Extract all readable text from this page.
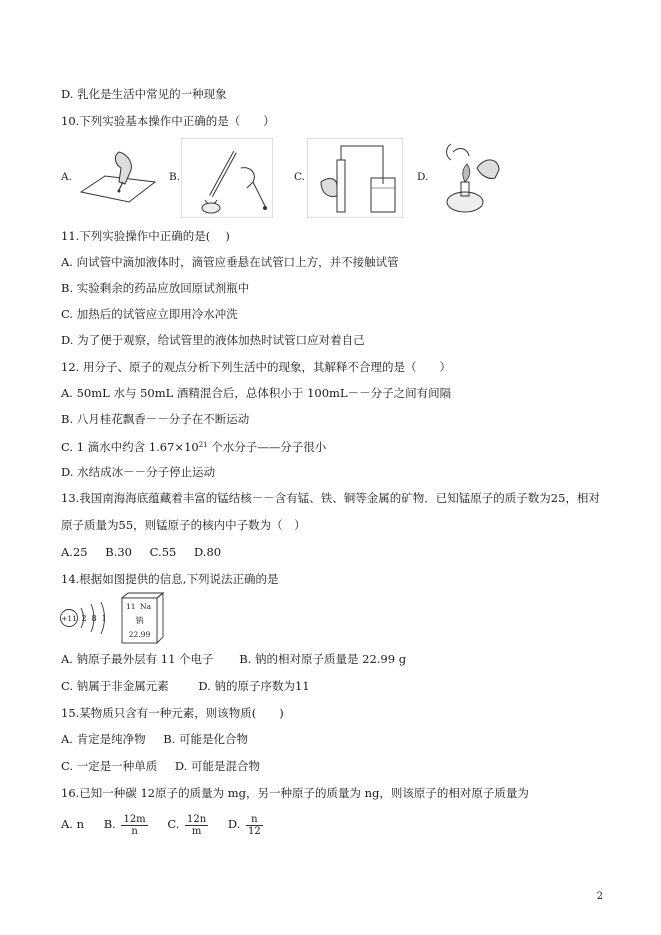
D. 乳化是生活中常见的一种现象
10.下列实验基本操作中正确的是（　　）
A.	B.	C.	D.
11.下列实验操作中正确的是(　 )
A. 向试管中滴加液体时，滴管应垂悬在试管口上方，并不接触试管
B. 实验剩余的药品应放回原试剂瓶中
C. 加热后的试管应立即用冷水冲洗
D. 为了便于观察，给试管里的液体加热时试管口应对着自己
12. 用分子、原子的观点分析下列生活中的现象，其解释不合理的是（　　）
A. 50mL 水与 50mL 酒精混合后，总体积小于 100mL－－分子之间有间隔
B. 八月桂花飘香－－分子在不断运动
C. 1 滴水中约含 $1.67\times 10^{21}$ 个水分子——分子很小
D. 水结成冰－－分子停止运动
13.我国南海海底蕴藏着丰富的锰结核－－含有锰、铁、铜等金属的矿物．已知锰原子的质子数为25，相对
原子质量为55，则锰原子的核内中子数为（　）
A.25 B.30 C.55 D.80
14.根据如图提供的信息,下列说法正确的是
+11 2 8 1
11 Na
钠
22.99
A. 钠原子最外层有 11 个电子 B. 钠的相对原子质量是 22.99 g
C. 钠属于非金属元素	D. 钠的原子序数为11
15.某物质只含有一种元素，则该物质(　　)
A. 肯定是纯净物 B. 可能是化合物
C. 一定是一种单质 D. 可能是混合物
16.已知一种碳 12原子的质量为 mg，另一种原子的质量为 ng，则该原子的相对原子质量为
A. n B. $\frac{12m}{n} C$. $\frac{12n}{m} D$. $\frac{n}{12}$
2
